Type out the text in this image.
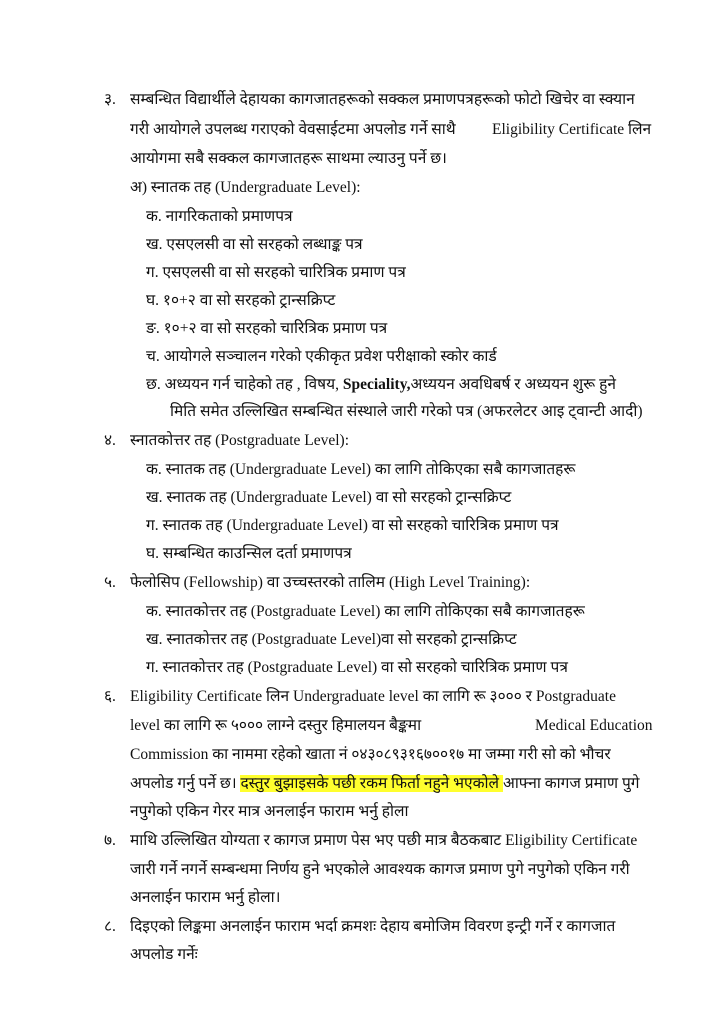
३. सम्बन्धित विद्यार्थीले देहायका कागजातहरूको सक्कल प्रमाणपत्रहरूको फोटो खिचेर वा स्क्यान
गरी आयोगले उपलब्ध गराएको वेवसाईटमा अपलोड गर्ने साथै Eligibility Certificate लिन
आयोगमा सबै सक्कल कागजातहरू साथमा ल्याउनु पर्ने छ।
अ) स्नातक तह (Undergraduate Level):
क. नागरिकताको प्रमाणपत्र
ख. एसएलसी वा सो सरहको लब्धाङ्क पत्र
ग. एसएलसी वा सो सरहको चारित्रिक प्रमाण पत्र
घ. १०+२ वा सो सरहको ट्रान्सक्रिप्ट
ङ. १०+२ वा सो सरहको चारित्रिक प्रमाण पत्र
च. आयोगले सञ्चालन गरेको एकीकृत प्रवेश परीक्षाको स्कोर कार्ड
छ. अध्ययन गर्न चाहेको तह , विषय, Speciality,अध्ययन अवधिबर्ष र अध्ययन शुरू हुने
मिति समेत उल्लिखित सम्बन्धित संस्थाले जारी गरेको पत्र (अफरलेटर आइ ट्वान्टी आदी)
४. स्नातकोत्तर तह (Postgraduate Level):
क. स्नातक तह (Undergraduate Level) का लागि तोकिएका सबै कागजातहरू
ख. स्नातक तह (Undergraduate Level) वा सो सरहको ट्रान्सक्रिप्ट
ग. स्नातक तह (Undergraduate Level) वा सो सरहको चारित्रिक प्रमाण पत्र
घ. सम्बन्धित काउन्सिल दर्ता प्रमाणपत्र
५. फेलोसिप (Fellowship) वा उच्चस्तरको तालिम (High Level Training):
क. स्नातकोत्तर तह (Postgraduate Level) का लागि तोकिएका सबै कागजातहरू
ख. स्नातकोत्तर तह (Postgraduate Level)वा सो सरहको ट्रान्सक्रिप्ट
ग. स्नातकोत्तर तह (Postgraduate Level) वा सो सरहको चारित्रिक प्रमाण पत्र
६. Eligibility Certificate लिन Undergraduate level का लागि रू ३००० र Postgraduate
level का लागि रू ५००० लाग्ने दस्तुर हिमालयन बैङ्कमा	Medical Education
Commission का नाममा रहेको खाता नं ०४३०८९३१६७००१७ मा जम्मा गरी सो को भौचर
अपलोड गर्नु पर्ने छ। दस्तुर बुझाइसके पछी रकम फिर्ता नहुने भएकोले आफ्ना कागज प्रमाण पुगे
नपुगेको एकिन गेरर मात्र अनलाईन फाराम भर्नु होला
७. माथि उल्लिखित योग्यता र कागज प्रमाण पेस भए पछी मात्र बैठकबाट Eligibility Certificate
जारी गर्ने नगर्ने सम्बन्धमा निर्णय हुने भएकोले आवश्यक कागज प्रमाण पुगे नपुगेको एकिन गरी
अनलाईन फाराम भर्नु होला।
८. दिइएको लिङ्कमा अनलाईन फाराम भर्दा क्रमशः देहाय बमोजिम विवरण इन्ट्री गर्ने र कागजात
अपलोड गर्नेः
